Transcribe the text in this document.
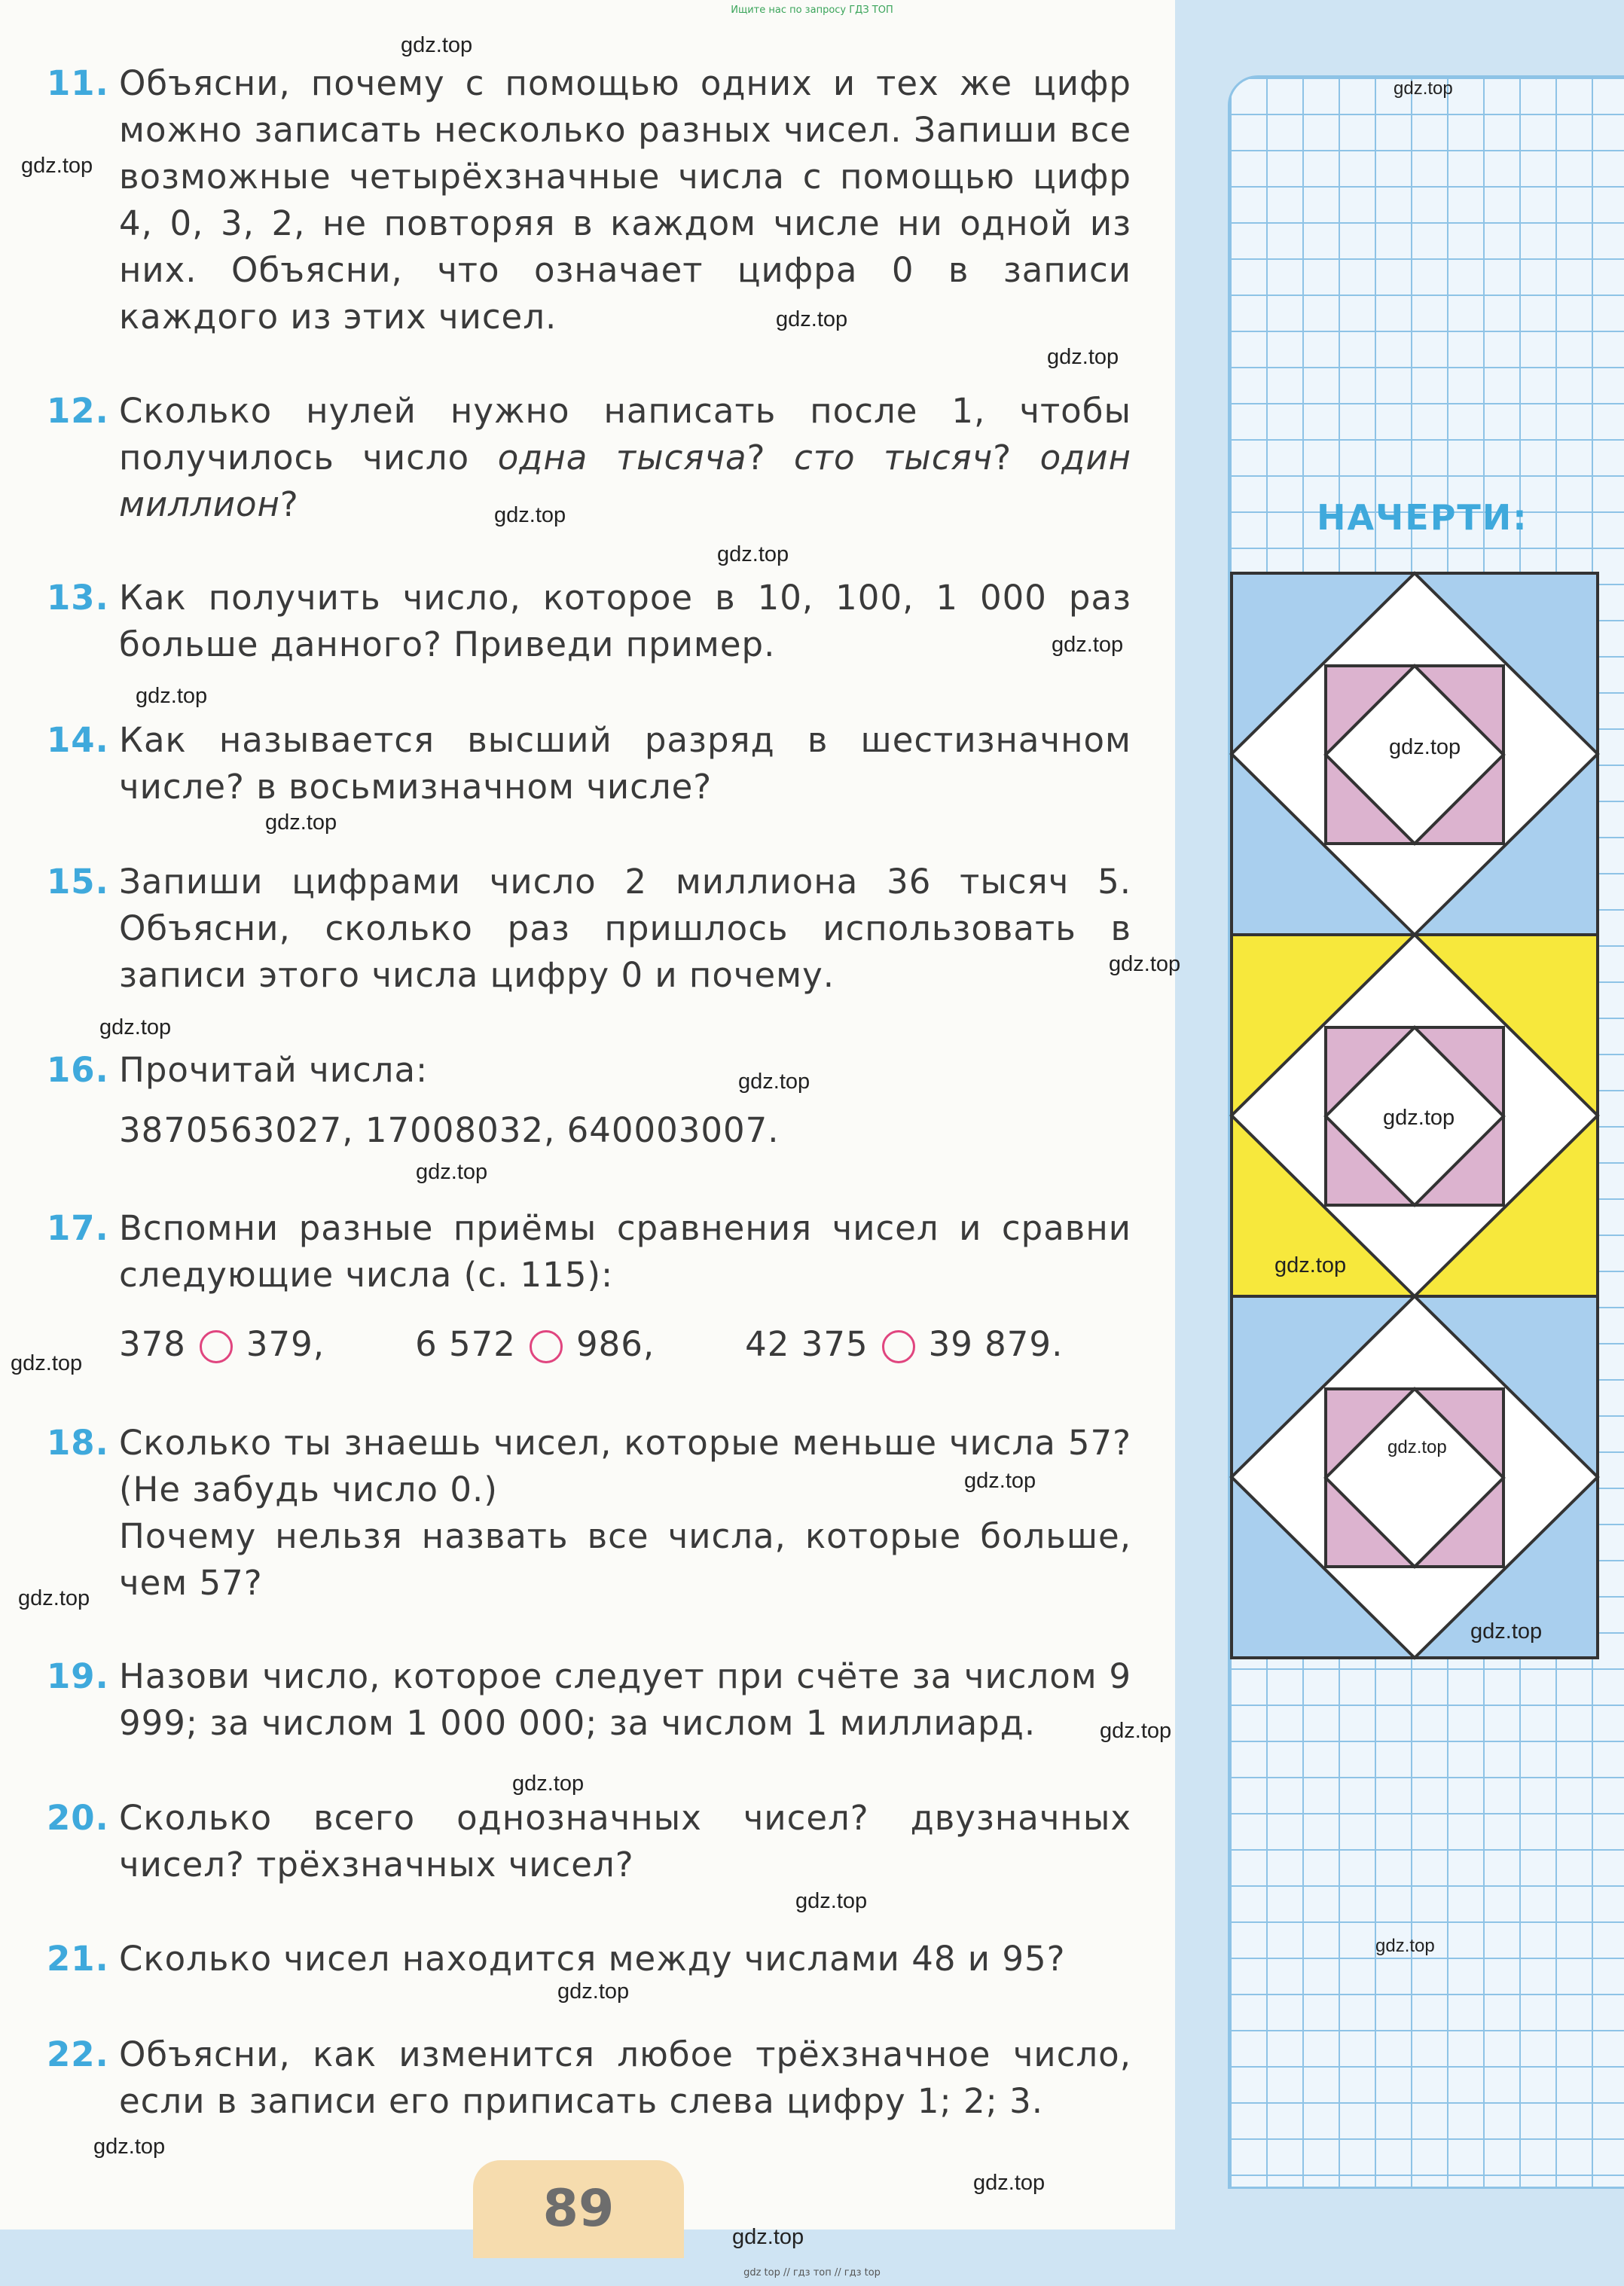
Ищите нас по запросу ГДЗ ТОП
11. Объясни, почему с помощью одних и тех же цифр можно записать несколько разных чисел. Запиши все возможные четырёхзначные числа с помощью цифр 4, 0, 3, 2, не повторяя в каждом числе ни одной из них. Объясни, что означает цифра 0 в записи каждого из этих чисел.
12. Сколько нулей нужно написать после 1, чтобы получилось число одна тысяча? сто тысяч? один миллион?
13. Как получить число, которое в 10, 100, 1 000 раз больше данного? Приведи пример.
14. Как называется высший разряд в шестизначном числе? в восьмизначном числе?
15. Запиши цифрами число 2 миллиона 36 тысяч 5. Объясни, сколько раз пришлось использовать в записи этого числа цифру 0 и почему.
16. Прочитай числа:
3870563027, 17008032, 640003007.
17. Вспомни разные приёмы сравнения чисел и сравни следующие числа (с. 115):
378 379,	6 572 986,	42 375 39 879.
18. Сколько ты знаешь чисел, которые меньше числа 57? (Не забудь число 0.)
Почему нельзя назвать все числа, которые больше, чем 57?
19. Назови число, которое следует при счёте за числом 9 999; за числом 1 000 000; за числом 1 миллиард.
20. Сколько всего однозначных чисел? двузначных чисел? трёхзначных чисел?
21. Сколько чисел находится между числами 48 и 95?
22. Объясни, как изменится любое трёхзначное число, если в записи его приписать слева цифру 1; 2; 3.
89
НАЧЕРТИ:
gdz.top
gdz.top
gdz.top
gdz.top
gdz.top
gdz.top
gdz.top
gdz.top
gdz.top
gdz.top
gdz.top
gdz.top
gdz.top
gdz.top
gdz.top
gdz.top
gdz.top
gdz.top
gdz.top
gdz.top
gdz.top
gdz.top
gdz.top
gdz.top
gdz.top
gdz.top
gdz.top
gdz.top
gdz.top
gdz.top
gdz top // гдз топ // гдз top
